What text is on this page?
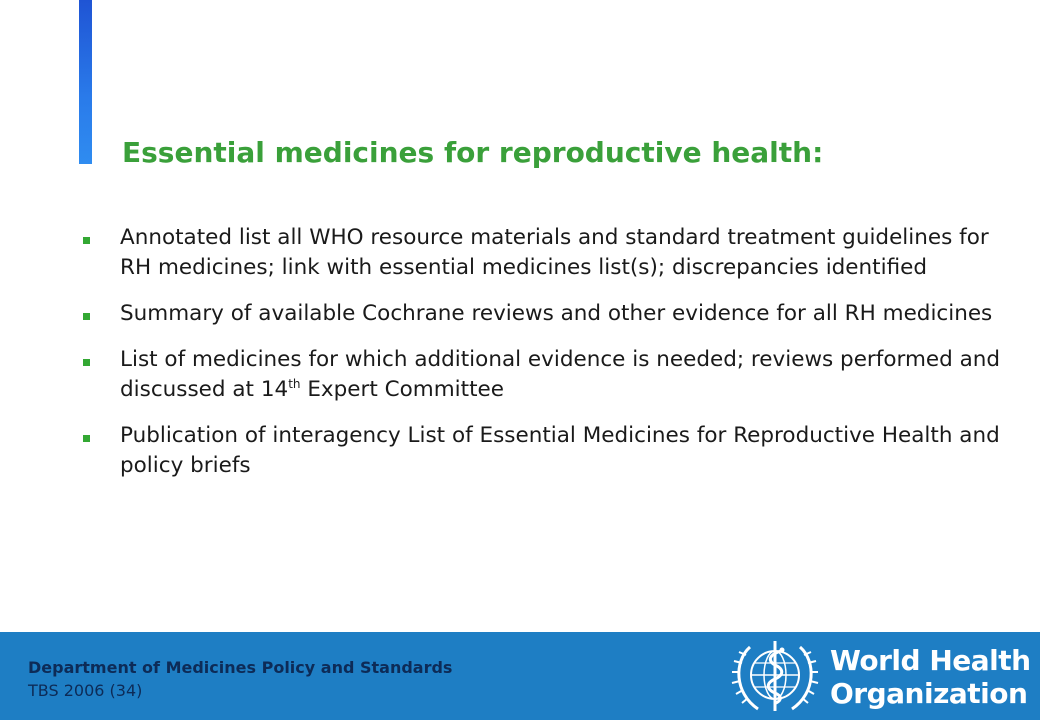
Essential medicines for reproductive health:
Annotated list all WHO resource materials and standard treatment guidelines for RH medicines; link with essential medicines list(s); discrepancies identified
Summary of available Cochrane reviews and other evidence for all RH medicines
List of medicines for which additional evidence is needed; reviews performed and discussed at 14th Expert Committee
Publication of interagency List of Essential Medicines for Reproductive Health and policy briefs
Department of Medicines Policy and Standards
TBS 2006 (34)
World Health
Organization
